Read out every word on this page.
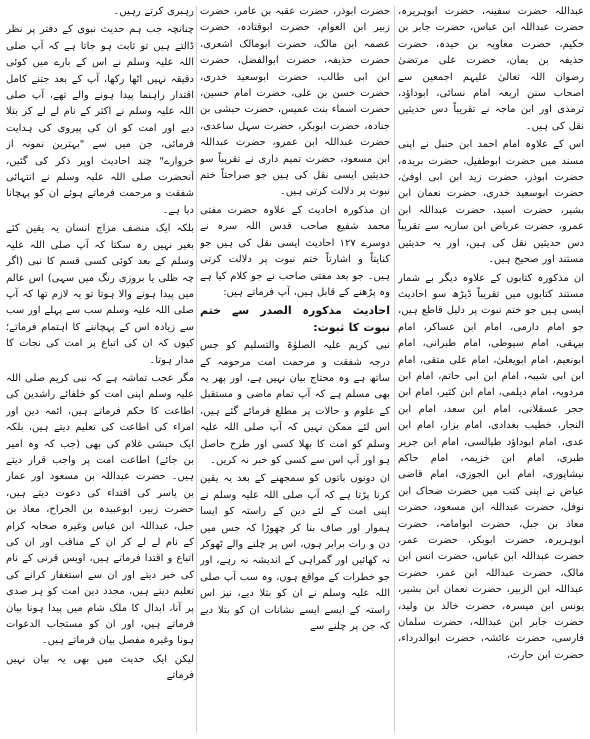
عبداللہ حضرت سفینہ، حضرت ابوہریرہ، حضرت عبداللہ ابن عباس، حضرت جابر بن حکیم، حضرت معاویہ بن حیدہ، حضرت حذیفہ بن یمان، حضرت علی مرتضیٰ رضوان اللہ تعالیٰ علیہم اجمعین سے اصحاب سنن اربعہ امام نسائی، ابوداؤد، ترمذی اور ابن ماجہ نے تقریباً دس حدیثیں نقل کی ہیں۔

اس کے علاوہ امام احمد ابن حنبل نے اپنی مسند میں حضرت ابوطفیل، حضرت بریدہ، حضرت ابوذر، حضرت زید ابن ابی اوفیٰ، حضرت ابوسعید خدری، حضرت نعمان ابن بشیر، حضرت اسید، حضرت عبداللہ ابن عمرو، حضرت عرباض ابن ساریہ سے تقریباً دس حدیثیں نقل کی ہیں، اور یہ حدیثیں مستند اور صحیح ہیں۔

ان مذکورہ کتابوں کے علاوہ دیگر بے شمار مستند کتابوں میں تقریباً ڈیڑھ سو احادیث ایسی ہیں جو ختم نبوت پر دلیل قاطع ہیں، جو امام دارمی، امام ابن عساکر، امام بیہقی، امام سیوطی، امام طبرانی، امام ابونعیم، امام ابویعلیٰ، امام علی متقی، امام ابن ابی شیبہ، امام ابن ابی حاتم، امام ابن مردویہ، امام دیلمی، امام ابن کثیر، امام ابن حجر عسقلانی، امام ابن سعد، امام ابن النجار، خطیب بغدادی، امام بزار، امام ابن عدی، امام ابوداؤد طیالسی، امام ابن جریر طبری، امام ابن خزیمہ، امام حاکم نیشاپوری، امام ابن الجوزی، امام قاضی عیاض نے اپنی کتب میں حضرت ضحاک ابن نوفل، حضرت عبداللہ ابن مسعود، حضرت معاذ بن جبل، حضرت ابوامامہ، حضرت ابوہریرہ، حضرت ابوبکر، حضرت عمر، حضرت عبداللہ ابن عباس، حضرت انس ابن مالک، حضرت عبداللہ ابن عمر، حضرت عبداللہ ابن الزبیر، حضرت نعمان ابن بشیر، یونس ابن میسرہ، حضرت خالد بن ولید، حضرت جابر ابن عبداللہ، حضرت سلمان فارسی، حضرت عائشہ، حضرت ابوالدرداء، حضرت ابن حارث،

حضرت ابوذر، حضرت عقبہ بن عامر، حضرت زبیر ابن العوام، حضرت ابوقتادہ، حضرت عصمہ ابن مالک، حضرت ابومالک اشعری، حضرت حذیفہ، حضرت ابوالفضل، حضرت ابن ابی طالب، حضرت ابوسعید خدری، حضرت حسن بن علی، حضرت امام حسین، حضرت اسماء بنت عمیس، حضرت حبشی بن جنادہ، حضرت ابوبکر، حضرت سہل ساعدی، حضرت عبداللہ ابن عمرو، حضرت عبداللہ ابن مسعود، حضرت تمیم داری نے تقریباً سو حدیثیں ایسی نقل کی ہیں جو صراحتاً ختم نبوت پر دلالت کرتی ہیں۔

ان مذکورہ احادیث کے علاوہ حضرت مفتی محمد شفیع صاحب قدس اللہ سرہ نے دوسرے ۱۲۷ احادیث ایسی نقل کی ہیں جو کنایتاً و اشارتاً ختم نبوت پر دلالت کرتی ہیں۔ جو بعد مفتی صاحب نے جو کلام کیا ہے وہ پڑھنے کے قابل ہیں، آپ فرماتے ہیں:

احادیث مذکورہ الصدر سے ختم نبوت کا ثبوت:

نبی کریم علیہ الصلوٰۃ والتسلیم کو جس درجہ شفقت و مرحمت امت مرحومہ کے ساتھ ہے وہ محتاج بیان نہیں ہے، اور پھر یہ بھی مسلم ہے کہ آپ تمام ماضی و مستقبل کے علوم و حالات پر مطلع فرمائے گئے ہیں، اس لئے ممکن نہیں کہ آپ صلی اللہ علیہ وسلم کو امت کا بھلا کسی اور طرح حاصل ہو اور آپ اس سے کسی کو خبر نہ کریں۔

ان دونوں باتوں کو سمجھنے کے بعد یہ یقین کرنا پڑتا ہے کہ آپ صلی اللہ علیہ وسلم نے اپنی امت کے لئے دین کے راستہ کو ایسا ہموار اور صاف بنا کر چھوڑا کہ جس میں دن و رات برابر ہوں، اس پر چلنے والے ٹھوکر نہ کھائیں اور گمراہی کے اندیشہ نہ رہے، اور جو خطرات کے مواقع ہوں، وہ سب آپ صلی اللہ علیہ وسلم نے ان کو بتلا دیے، نیز اس راستہ کے ایسے ایسے نشانات ان کو بتلا دیے کہ جن پر چلنے سے

رہبری کرتے رہیں۔

چنانچہ جب ہم حدیث نبوی کے دفتر پر نظر ڈالتے ہیں تو ثابت ہو جاتا ہے کہ آپ صلی اللہ علیہ وسلم نے اس کے بارے میں کوئی دقیقہ نہیں اٹھا رکھا، آپ کے بعد جتنے کامل اقتدار راہنما پیدا ہونے والے تھے، آپ صلی اللہ علیہ وسلم نے اکثر کے نام لے لے کر بتلا دیے اور امت کو ان کی پیروی کی ہدایت فرمائی، جن میں سے "بہترین نمونہ از خروارے" چند احادیث اوپر ذکر کی گئیں، آنحضرت صلی اللہ علیہ وسلم نے انتہائی شفقت و مرحمت فرماتے ہوئے ان کو پہچانا دیا ہے۔

بلکہ ایک منصف مزاج انسان یہ یقین کئے بغیر نہیں رہ سکتا کہ آپ صلی اللہ علیہ وسلم کے بعد کوئی کسی قسم کا نبی (اگر چہ ظلی یا بروزی رنگ میں سہی) اس عالم میں پیدا ہونے والا ہوتا تو یہ لازم تھا کہ آپ صلی اللہ علیہ وسلم سب سے پہلے اور سب سے زیادہ اس کے پہچاننے کا اہتمام فرماتے؛ کیوں کہ ان کی اتباع پر امت کی نجات کا مدار ہوتا۔

مگر عجب تماشہ ہے کہ نبی کریم صلی اللہ علیہ وسلم اپنی امت کو خلفائے راشدین کی اطاعت کا حکم فرماتے ہیں، ائمہ دین اور امراء کی اطاعت کی تعلیم دیتے ہیں، بلکہ ایک حبشی غلام کی بھی (جب کہ وہ امیر بن جائے) اطاعت امت پر واجب قرار دیتے ہیں۔ حضرت عبداللہ بن مسعود اور عمار بن یاسر کی اقتداء کی دعوت دیتے ہیں، حضرت زبیر، ابوعبیدہ بن الجراح، معاذ بن جبل، عبداللہ ابن عباس وغیرہ صحابہ کرام کے نام لے لے کر ان کے مناقب اور ان کی اتباع و اقتدا فرماتے ہیں، اویس قرنی کے نام کی خبر دیتے اور ان سے استغفار کرانے کی تعلیم دیتے ہیں، مجدد دین امت کو ہر صدی پر آنا، ابدال کا ملک شام میں پیدا ہونا بیان فرماتے ہیں، اور ان کو مستجاب الدعوات ہونا وغیرہ مفصل بیان فرماتے ہیں۔

لیکن ایک حدیث میں بھی یہ بیان نہیں فرماتے
